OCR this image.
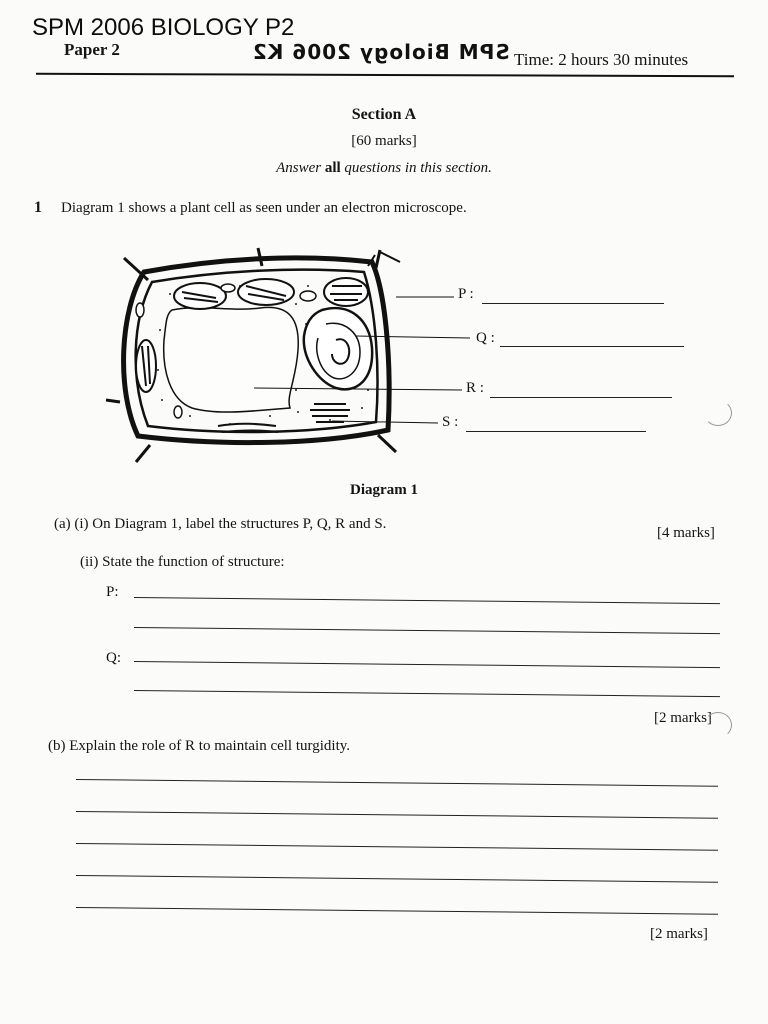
SPM 2006 BIOLOGY P2
Paper 2	SPM Biology 2006 K2 Time: 2 hours 30 minutes
Section A
[60 marks]
Answer all questions in this section.
1 Diagram 1 shows a plant cell as seen under an electron microscope.
P :
Q :
R :
S :
Diagram 1
(a) (i) On Diagram 1, label the structures P, Q, R and S.
[4 marks]
(ii) State the function of structure:
P:
Q:
[2 marks]
(b) Explain the role of R to maintain cell turgidity.
[2 marks]
